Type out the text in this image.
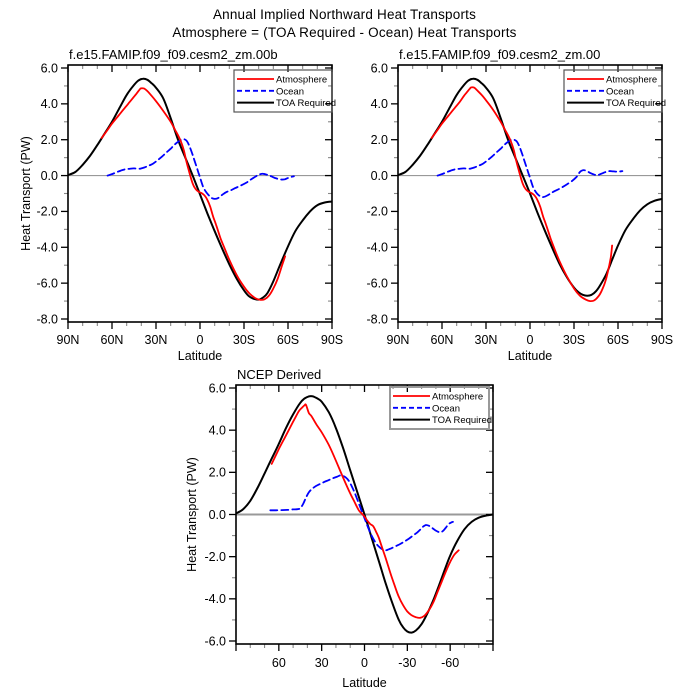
Annual Implied Northward Heat Transports
Atmosphere = (TOA Required - Ocean) Heat Transports
90N 60N 30N 0 30S 60S 90S
6.0
4.0
2.0
0.0
-2.0
-4.0
-6.0
-8.0
Latitude
Heat Transport (PW)
f.e15.FAMIP.f09_f09.cesm2_zm.00b
Atmosphere
Ocean
TOA Required
90N 60N 30N 0 30S 60S 90S
6.0
4.0
2.0
0.0
-2.0
-4.0
-6.0
-8.0
Latitude
f.e15.FAMIP.f09_f09.cesm2_zm.00
Atmosphere
Ocean
TOA Required
60 30	0 -30 -60
6.0
4.0
2.0
0.0
-2.0
-4.0
-6.0
Latitude
Heat Transport (PW)
NCEP Derived
Atmosphere
Ocean
TOA Required
